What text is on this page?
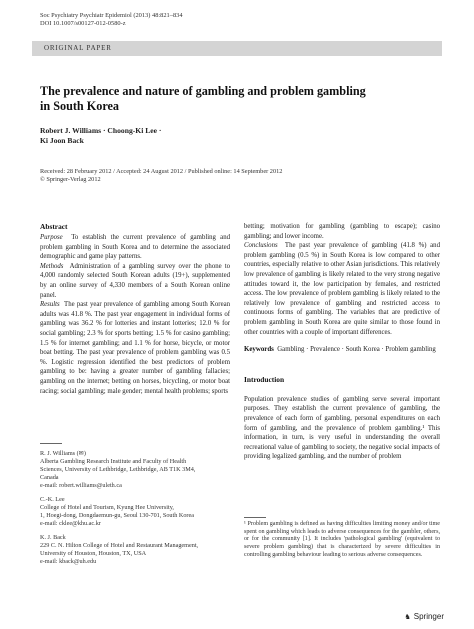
Soc Psychiatry Psychiatr Epidemiol (2013) 48:821–834
DOI 10.1007/s00127-012-0580-z
ORIGINAL PAPER
The prevalence and nature of gambling and problem gambling
in South Korea
Robert J. Williams · Choong-Ki Lee ·
Ki Joon Back
Received: 28 February 2012 / Accepted: 24 August 2012 / Published online: 14 September 2012
© Springer-Verlag 2012
Abstract
Purpose To establish the current prevalence of gambling and problem gambling in South Korea and to determine the associated demographic and game play patterns.
Methods Administration of a gambling survey over the phone to 4,000 randomly selected South Korean adults (19+), supplemented by an online survey of 4,330 members of a South Korean online panel.
Results The past year prevalence of gambling among South Korean adults was 41.8 %. The past year engagement in individual forms of gambling was 36.2 % for lotteries and instant lotteries; 12.0 % for social gambling; 2.3 % for sports betting; 1.5 % for casino gambling; 1.5 % for internet gambling; and 1.1 % for horse, bicycle, or motor boat betting. The past year prevalence of problem gambling was 0.5 %. Logistic regression identified the best predictors of problem gambling to be: having a greater number of gambling fallacies; gambling on the internet; betting on horses, bicycling, or motor boat racing; social gambling; male gender; mental health problems; sports
R. J. Williams (✉)
Alberta Gambling Research Institute and Faculty of Health
Sciences, University of Lethbridge, Lethbridge, AB T1K 3M4,
Canada
e-mail: robert.williams@uleth.ca
C.-K. Lee
College of Hotel and Tourism, Kyung Hee University,
1, Hoegi-dong, Dongdaemun-gu, Seoul 130-701, South Korea
e-mail: cklee@khu.ac.kr
K. J. Back
229 C. N. Hilton College of Hotel and Restaurant Management,
University of Houston, Houston, TX, USA
e-mail: kback@uh.edu
betting; motivation for gambling (gambling to escape); casino gambling; and lower income.
Conclusions The past year prevalence of gambling (41.8 %) and problem gambling (0.5 %) in South Korea is low compared to other countries, especially relative to other Asian jurisdictions. This relatively low prevalence of gambling is likely related to the very strong negative attitudes toward it, the low participation by females, and restricted access. The low prevalence of problem gambling is likely related to the relatively low prevalence of gambling and restricted access to continuous forms of gambling. The variables that are predictive of problem gambling in South Korea are quite similar to those found in other countries with a couple of important differences.
Keywords Gambling · Prevalence · South Korea · Problem gambling
Introduction
Population prevalence studies of gambling serve several important purposes. They establish the current prevalence of gambling, the prevalence of each form of gambling, personal expenditures on each form of gambling, and the prevalence of problem gambling.¹ This information, in turn, is very useful in understanding the overall recreational value of gambling to society, the negative social impacts of providing legalized gambling, and the number of problem
¹ Problem gambling is defined as having difficulties limiting money and/or time spent on gambling which leads to adverse consequences for the gambler, others, or for the community [1]. It includes 'pathological gambling' (equivalent to severe problem gambling) that is characterized by severe difficulties in controlling gambling behaviour leading to serious adverse consequences.
♞ Springer
